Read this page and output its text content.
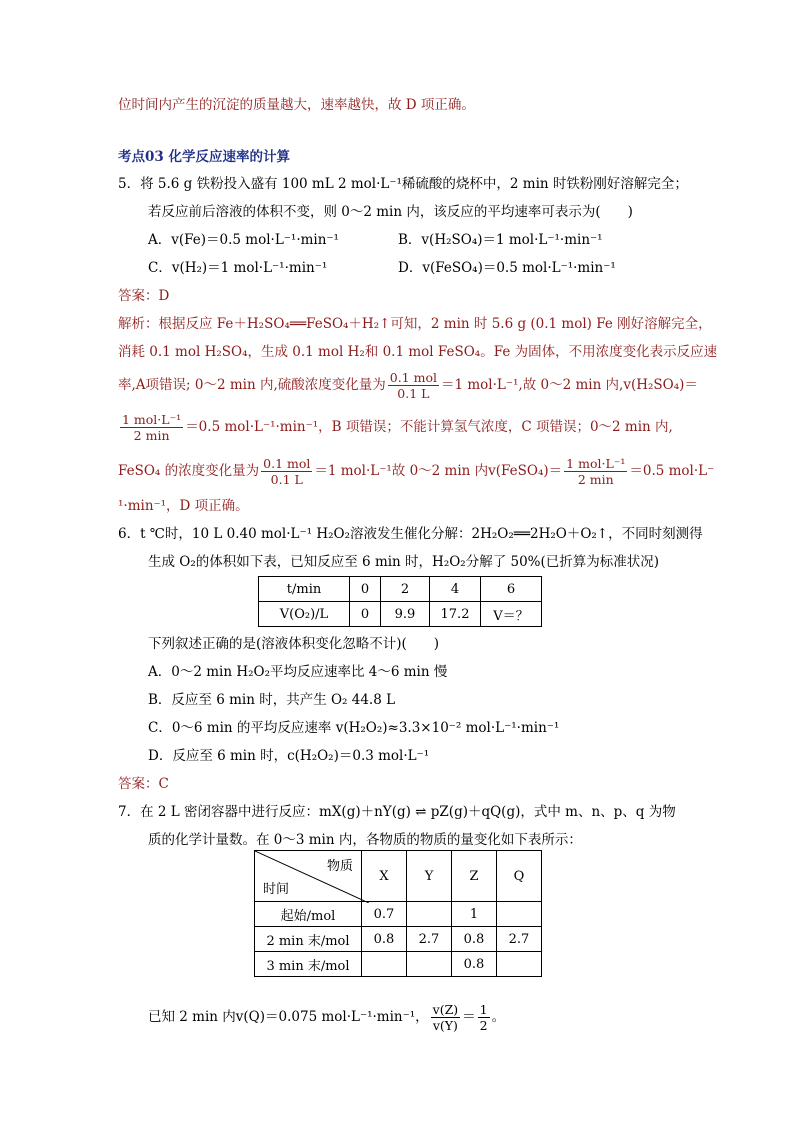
位时间内产生的沉淀的质量越大，速率越快，故 D 项正确。
考点03 化学反应速率的计算
5．将 5.6 g 铁粉投入盛有 100 mL 2 mol·L⁻¹稀硫酸的烧杯中，2 min 时铁粉刚好溶解完全；
若反应前后溶液的体积不变，则 0～2 min 内，该反应的平均速率可表示为(　　)
A．v(Fe)＝0.5 mol·L⁻¹·min⁻¹	B．v(H₂SO₄)＝1 mol·L⁻¹·min⁻¹
C．v(H₂)＝1 mol·L⁻¹·min⁻¹	D．v(FeSO₄)＝0.5 mol·L⁻¹·min⁻¹
答案：D
解析：根据反应 Fe＋H₂SO₄══FeSO₄＋H₂↑可知，2 min 时 5.6 g (0.1 mol) Fe 刚好溶解完全，
消耗 0.1 mol H₂SO₄，生成 0.1 mol H₂和 0.1 mol FeSO₄。Fe 为固体，不用浓度变化表示反应速
率,A项错误; 0～2 min 内,硫酸浓度变化量为 $\frac{\text{0.1 mol}}{0.1 L} =1$ mol·L⁻¹,故 0～2 min 内,v(H₂SO₄)＝
$\frac{\text{1 mol·L⁻¹}}{2 \min} =0.5$ mol·L⁻¹·min⁻¹，B 项错误；不能计算氢气浓度，C 项错误；0～2 min 内,
FeSO₄ 的浓度变化量为 $\frac{\text{0.1 mol}}{0.1 L} =1$ mol·L⁻¹故 0～2 min 内v(FeSO₄)＝ $\frac{\text{1 mol·L⁻¹}}{2 \min} =0.5$ mol·L⁻
¹·min⁻¹，D 项正确。
6．t ℃时，10 L 0.40 mol·L⁻¹ H₂O₂溶液发生催化分解：2H₂O₂══2H₂O＋O₂↑，不同时刻测得
生成 O₂的体积如下表，已知反应至 6 min 时，H₂O₂分解了 50%(已折算为标准状况)
t/min	0	2	4	6
V(O₂)/L	0	9.9	17.2	V＝？
下列叙述正确的是(溶液体积变化忽略不计)(　　)
A．0～2 min H₂O₂平均反应速率比 4～6 min 慢
B．反应至 6 min 时，共产生 O₂ 44.8 L
C．0～6 min 的平均反应速率 v(H₂O₂)≈3.3×10⁻² mol·L⁻¹·min⁻¹
D．反应至 6 min 时，c(H₂O₂)＝0.3 mol·L⁻¹
答案：C
7．在 2 L 密闭容器中进行反应：mX(g)＋nY(g) ⇌ pZ(g)＋qQ(g)，式中 m、n、p、q 为物
质的化学计量数。在 0～3 min 内，各物质的物质的量变化如下表所示：
物质
时间	X	Y	Z	Q
起始/mol	0.7		1	
2 min 末/mol	0.8	2.7	0.8	2.7
3 min 末/mol			0.8	
已知 2 min 内v(Q)＝0.075 mol·L⁻¹·min⁻¹， $\frac{v(Z)}{v(Y)} = \frac{1}{2}$ 。
